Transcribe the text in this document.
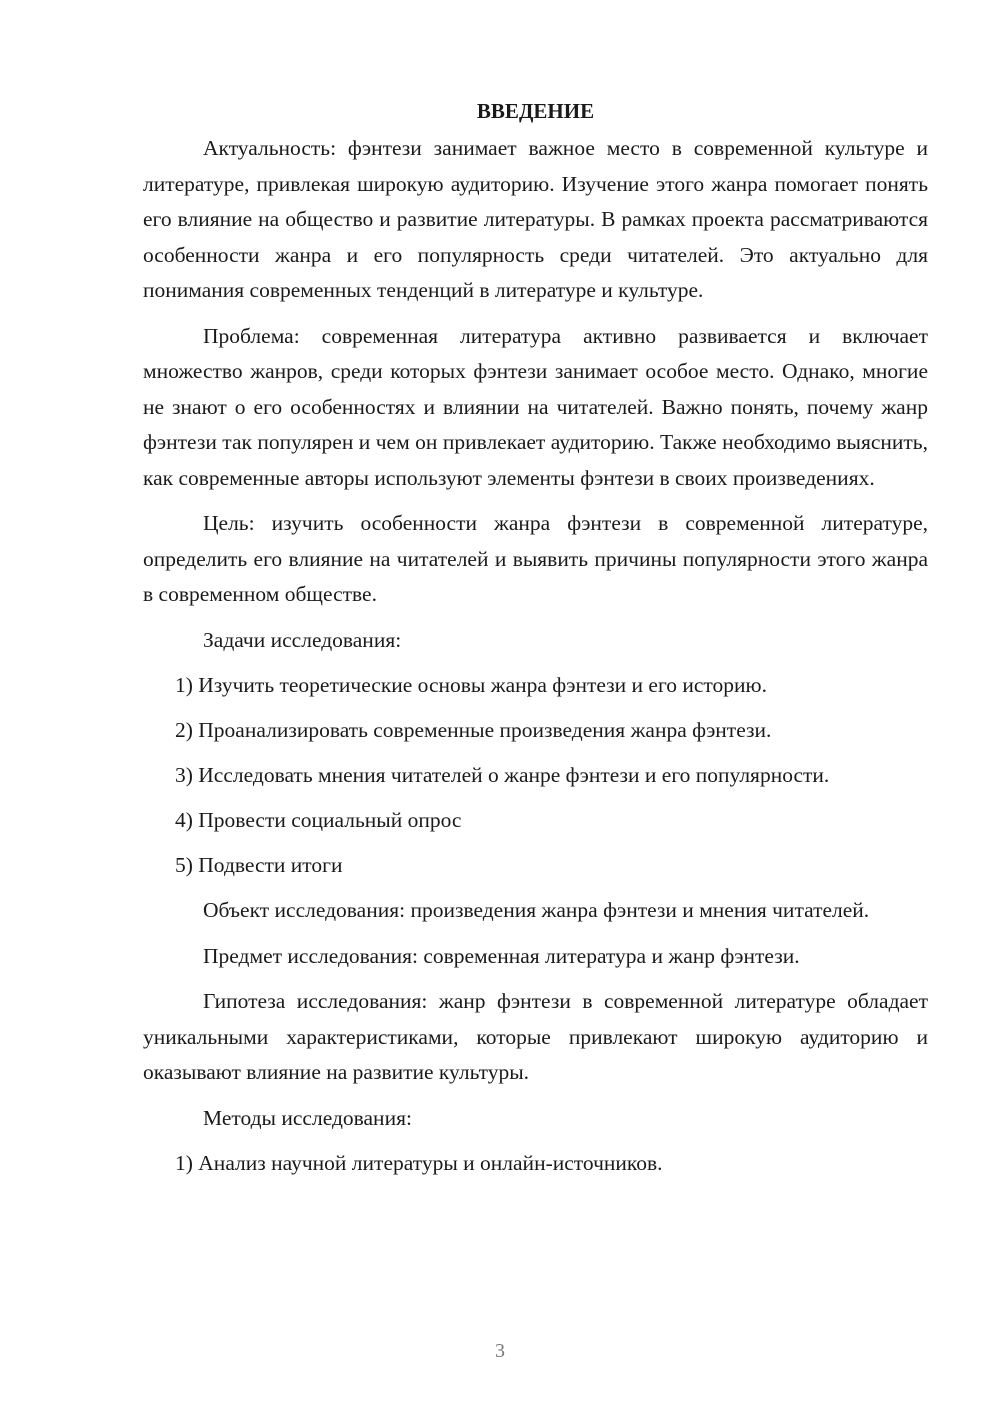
ВВЕДЕНИЕ

Актуальность: фэнтези занимает важное место в современной культуре и литературе, привлекая широкую аудиторию. Изучение этого жанра помогает понять его влияние на общество и развитие литературы. В рамках проекта рассматриваются особенности жанра и его популярность среди читателей. Это актуально для понимания современных тенденций в литературе и культуре.

Проблема: современная литература активно развивается и включает множество жанров, среди которых фэнтези занимает особое место. Однако, многие не знают о его особенностях и влиянии на читателей. Важно понять, почему жанр фэнтези так популярен и чем он привлекает аудиторию. Также необходимо выяснить, как современные авторы используют элементы фэнтези в своих произведениях.

Цель: изучить особенности жанра фэнтези в современной литературе, определить его влияние на читателей и выявить причины популярности этого жанра в современном обществе.

Задачи исследования:

1) Изучить теоретические основы жанра фэнтези и его историю.

2) Проанализировать современные произведения жанра фэнтези.

3) Исследовать мнения читателей о жанре фэнтези и его популярности.

4) Провести социальный опрос

5) Подвести итоги

Объект исследования: произведения жанра фэнтези и мнения читателей.

Предмет исследования: современная литература и жанр фэнтези.

Гипотеза исследования: жанр фэнтези в современной литературе обладает уникальными характеристиками, которые привлекают широкую аудиторию и оказывают влияние на развитие культуры.

Методы исследования:

1) Анализ научной литературы и онлайн-источников.

3
